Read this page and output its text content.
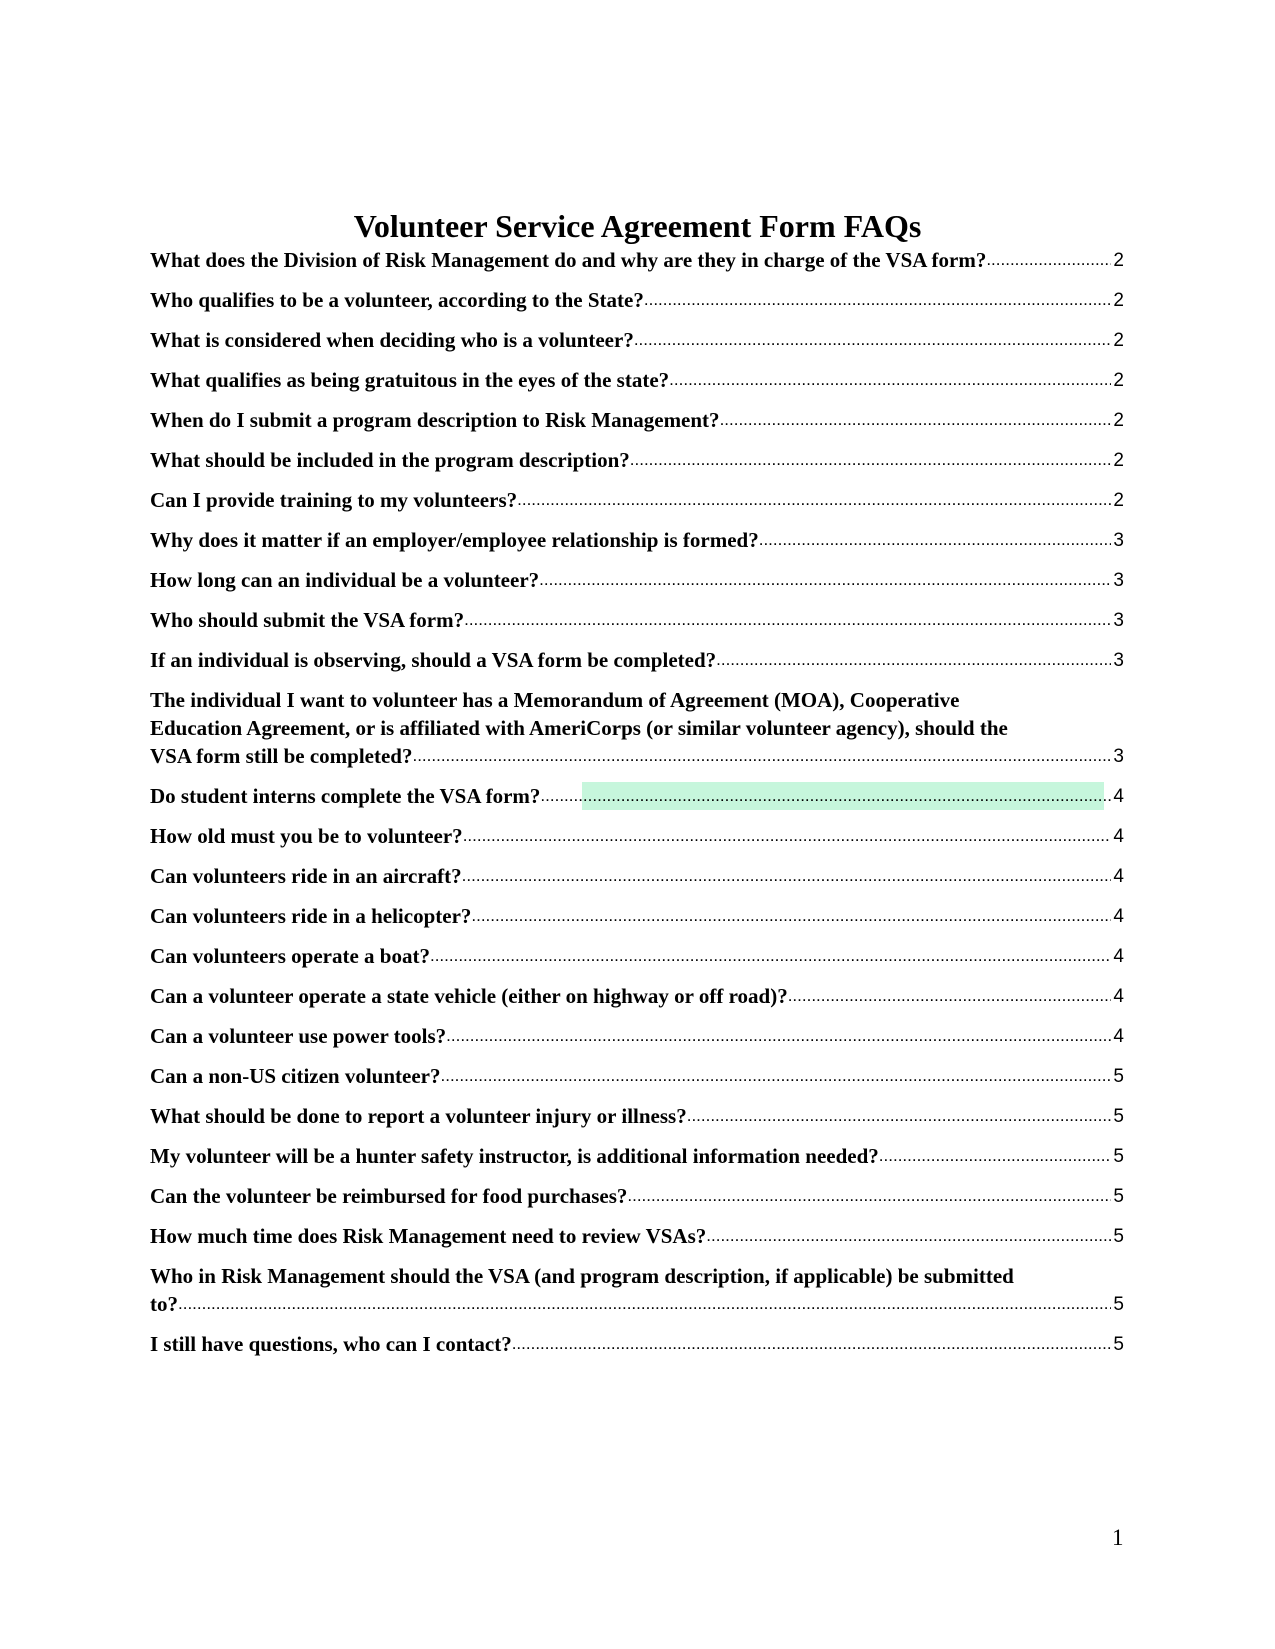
Volunteer Service Agreement Form FAQs
What does the Division of Risk Management do and why are they in charge of the VSA form? .....	2
Who qualifies to be a volunteer, according to the State? .....	2
What is considered when deciding who is a volunteer? .....	2
What qualifies as being gratuitous in the eyes of the state? .....	2
When do I submit a program description to Risk Management? .....	2
What should be included in the program description? .....	2
Can I provide training to my volunteers? .....	2
Why does it matter if an employer/employee relationship is formed? .....	3
How long can an individual be a volunteer? .....	3
Who should submit the VSA form? .....	3
If an individual is observing, should a VSA form be completed? .....	3
The individual I want to volunteer has a Memorandum of Agreement (MOA), Cooperative
Education Agreement, or is affiliated with AmeriCorps (or similar volunteer agency), should the
VSA form still be completed? .....	3
Do student interns complete the VSA form? .....	4
How old must you be to volunteer? .....	4
Can volunteers ride in an aircraft? .....	4
Can volunteers ride in a helicopter? .....	4
Can volunteers operate a boat? .....	4
Can a volunteer operate a state vehicle (either on highway or off road)? .....	4
Can a volunteer use power tools? .....	4
Can a non-US citizen volunteer? .....	5
What should be done to report a volunteer injury or illness? .....	5
My volunteer will be a hunter safety instructor, is additional information needed? .....	5
Can the volunteer be reimbursed for food purchases? .....	5
How much time does Risk Management need to review VSAs? .....	5
Who in Risk Management should the VSA (and program description, if applicable) be submitted
to? .....	5
I still have questions, who can I contact? .....	5
1
